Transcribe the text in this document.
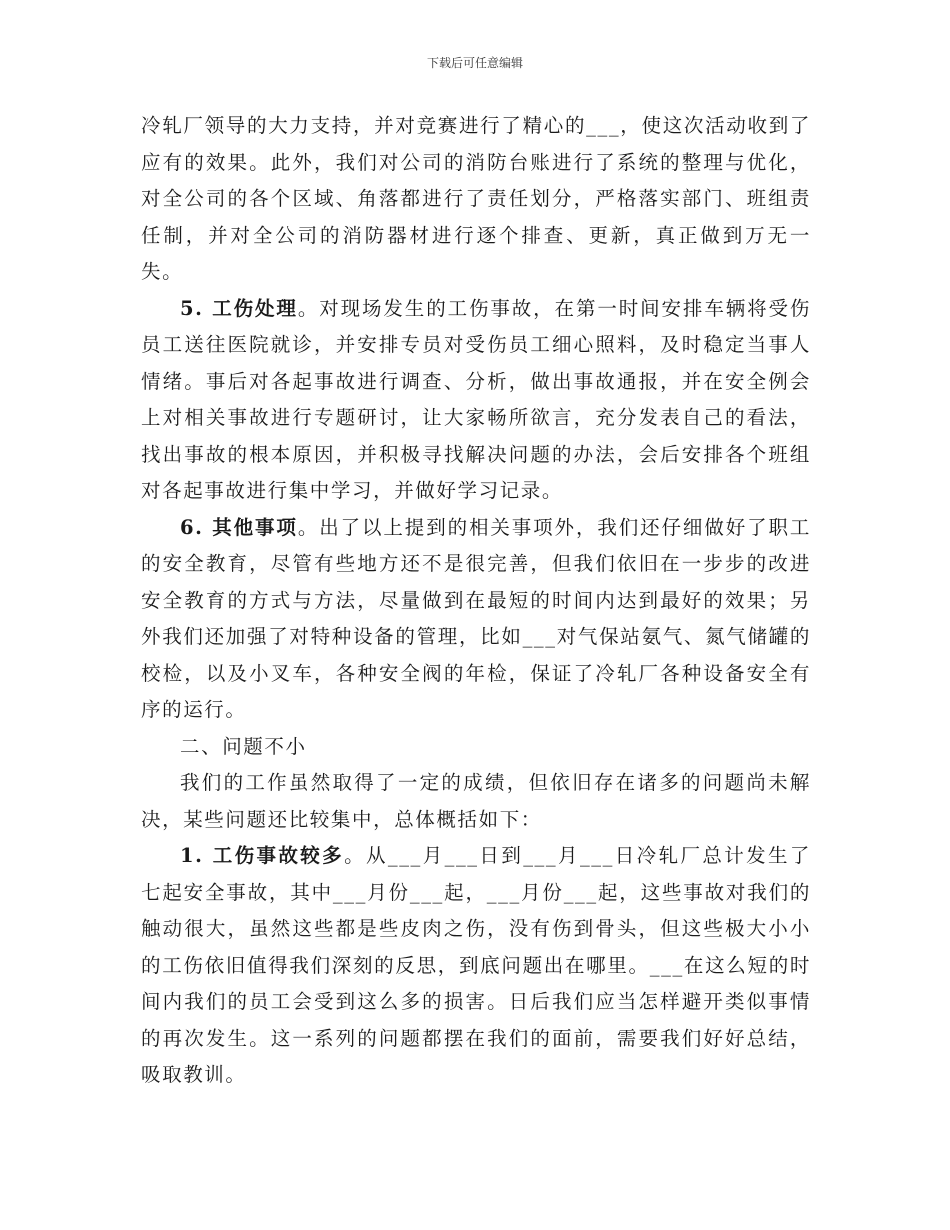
下载后可任意编辑

冷轧厂领导的大力支持，并对竞赛进行了精心的___，使这次活动收到了应有的效果。此外，我们对公司的消防台账进行了系统的整理与优化，对全公司的各个区域、角落都进行了责任划分，严格落实部门、班组责任制，并对全公司的消防器材进行逐个排查、更新，真正做到万无一失。

5. 工伤处理。对现场发生的工伤事故，在第一时间安排车辆将受伤员工送往医院就诊，并安排专员对受伤员工细心照料，及时稳定当事人情绪。事后对各起事故进行调查、分析，做出事故通报，并在安全例会上对相关事故进行专题研讨，让大家畅所欲言，充分发表自己的看法，找出事故的根本原因，并积极寻找解决问题的办法，会后安排各个班组对各起事故进行集中学习，并做好学习记录。

6. 其他事项。出了以上提到的相关事项外，我们还仔细做好了职工的安全教育，尽管有些地方还不是很完善，但我们依旧在一步步的改进安全教育的方式与方法，尽量做到在最短的时间内达到最好的效果；另外我们还加强了对特种设备的管理，比如___对气保站氨气、氮气储罐的校检，以及小叉车，各种安全阀的年检，保证了冷轧厂各种设备安全有序的运行。

二、问题不小

我们的工作虽然取得了一定的成绩，但依旧存在诸多的问题尚未解决，某些问题还比较集中，总体概括如下：

1. 工伤事故较多。从___月___日到___月___日冷轧厂总计发生了七起安全事故，其中___月份___起，___月份___起，这些事故对我们的触动很大，虽然这些都是些皮肉之伤，没有伤到骨头，但这些极大小小的工伤依旧值得我们深刻的反思，到底问题出在哪里。___在这么短的时间内我们的员工会受到这么多的损害。日后我们应当怎样避开类似事情的再次发生。这一系列的问题都摆在我们的面前，需要我们好好总结，吸取教训。
